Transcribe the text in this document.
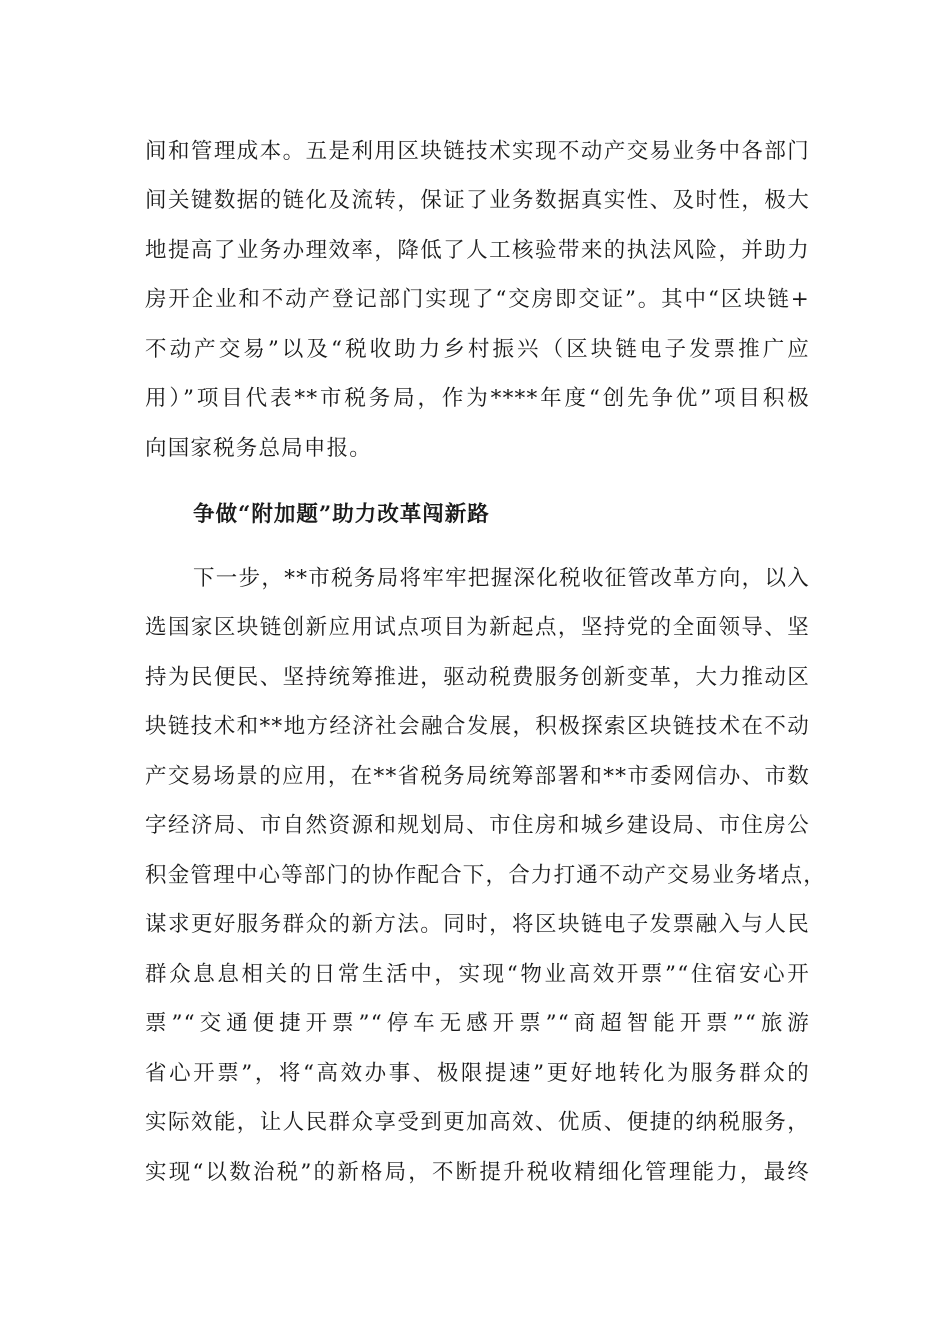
间和管理成本。五是利用区块链技术实现不动产交易业务中各部门
间关键数据的链化及流转，保证了业务数据真实性、及时性，极大
地提高了业务办理效率，降低了人工核验带来的执法风险，并助力
房开企业和不动产登记部门实现了“交房即交证”。其中“区块链+
不动产交易”以及“税收助力乡村振兴（区块链电子发票推广应
用）”项目代表**市税务局，作为****年度“创先争优”项目积极
向国家税务总局申报。
争做“附加题”助力改革闯新路
下一步，**市税务局将牢牢把握深化税收征管改革方向，以入
选国家区块链创新应用试点项目为新起点，坚持党的全面领导、坚
持为民便民、坚持统筹推进，驱动税费服务创新变革，大力推动区
块链技术和**地方经济社会融合发展，积极探索区块链技术在不动
产交易场景的应用，在**省税务局统筹部署和**市委网信办、市数
字经济局、市自然资源和规划局、市住房和城乡建设局、市住房公
积金管理中心等部门的协作配合下，合力打通不动产交易业务堵点，
谋求更好服务群众的新方法。同时，将区块链电子发票融入与人民
群众息息相关的日常生活中，实现“物业高效开票”“住宿安心开
票”“交通便捷开票”“停车无感开票”“商超智能开票”“旅游
省心开票”，将“高效办事、极限提速”更好地转化为服务群众的
实际效能，让人民群众享受到更加高效、优质、便捷的纳税服务，
实现“以数治税”的新格局，不断提升税收精细化管理能力，最终
